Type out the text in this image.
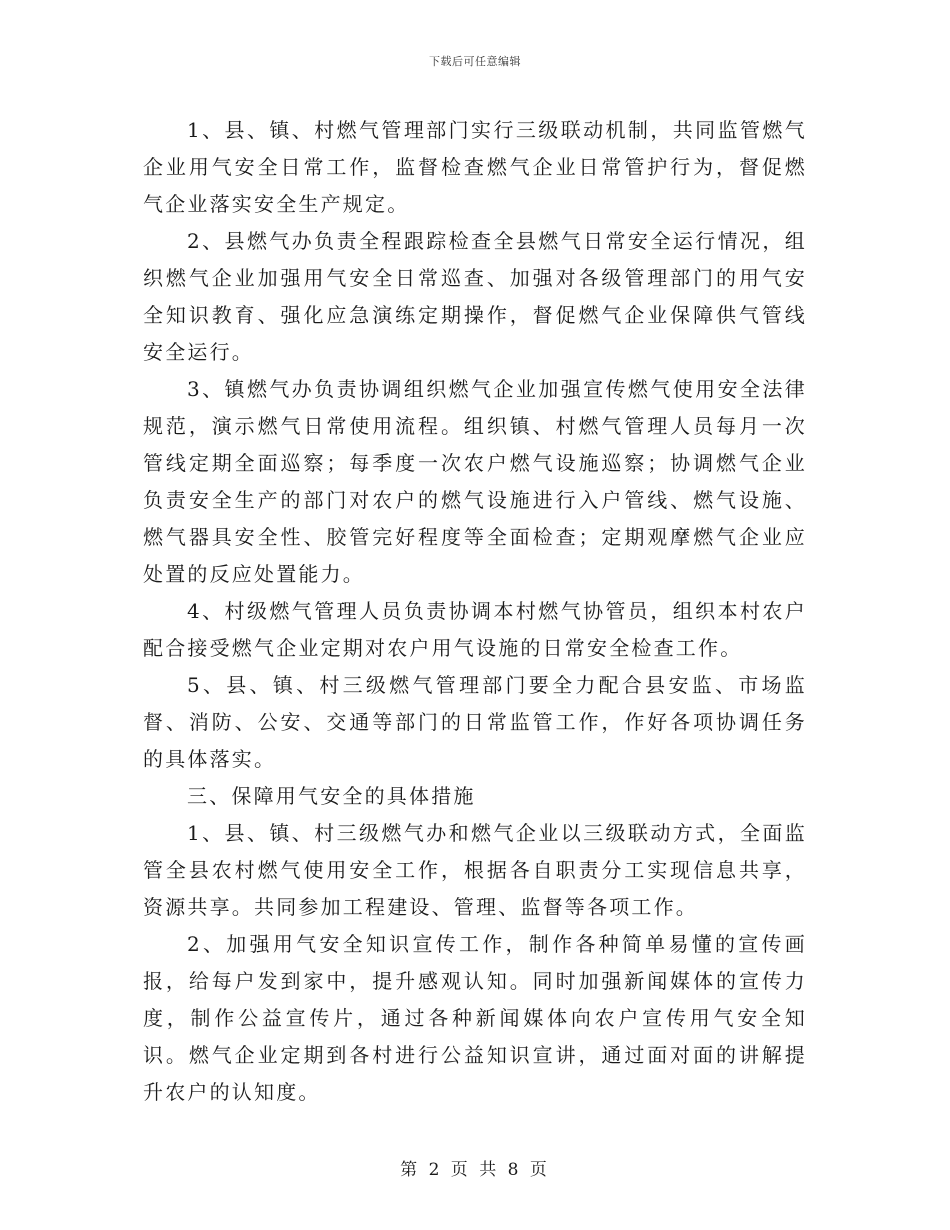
下载后可任意编辑

1、县、镇、村燃气管理部门实行三级联动机制，共同监管燃气企业用气安全日常工作，监督检查燃气企业日常管护行为，督促燃气企业落实安全生产规定。

2、县燃气办负责全程跟踪检查全县燃气日常安全运行情况，组织燃气企业加强用气安全日常巡查、加强对各级管理部门的用气安全知识教育、强化应急演练定期操作，督促燃气企业保障供气管线安全运行。

3、镇燃气办负责协调组织燃气企业加强宣传燃气使用安全法律规范，演示燃气日常使用流程。组织镇、村燃气管理人员每月一次管线定期全面巡察；每季度一次农户燃气设施巡察；协调燃气企业负责安全生产的部门对农户的燃气设施进行入户管线、燃气设施、燃气器具安全性、胶管完好程度等全面检查；定期观摩燃气企业应处置的反应处置能力。

4、村级燃气管理人员负责协调本村燃气协管员，组织本村农户配合接受燃气企业定期对农户用气设施的日常安全检查工作。

5、县、镇、村三级燃气管理部门要全力配合县安监、市场监督、消防、公安、交通等部门的日常监管工作，作好各项协调任务的具体落实。

三、保障用气安全的具体措施

1、县、镇、村三级燃气办和燃气企业以三级联动方式，全面监管全县农村燃气使用安全工作，根据各自职责分工实现信息共享，资源共享。共同参加工程建设、管理、监督等各项工作。

2、加强用气安全知识宣传工作，制作各种简单易懂的宣传画报，给每户发到家中，提升感观认知。同时加强新闻媒体的宣传力度，制作公益宣传片，通过各种新闻媒体向农户宣传用气安全知识。燃气企业定期到各村进行公益知识宣讲，通过面对面的讲解提升农户的认知度。

第 2 页 共 8 页
